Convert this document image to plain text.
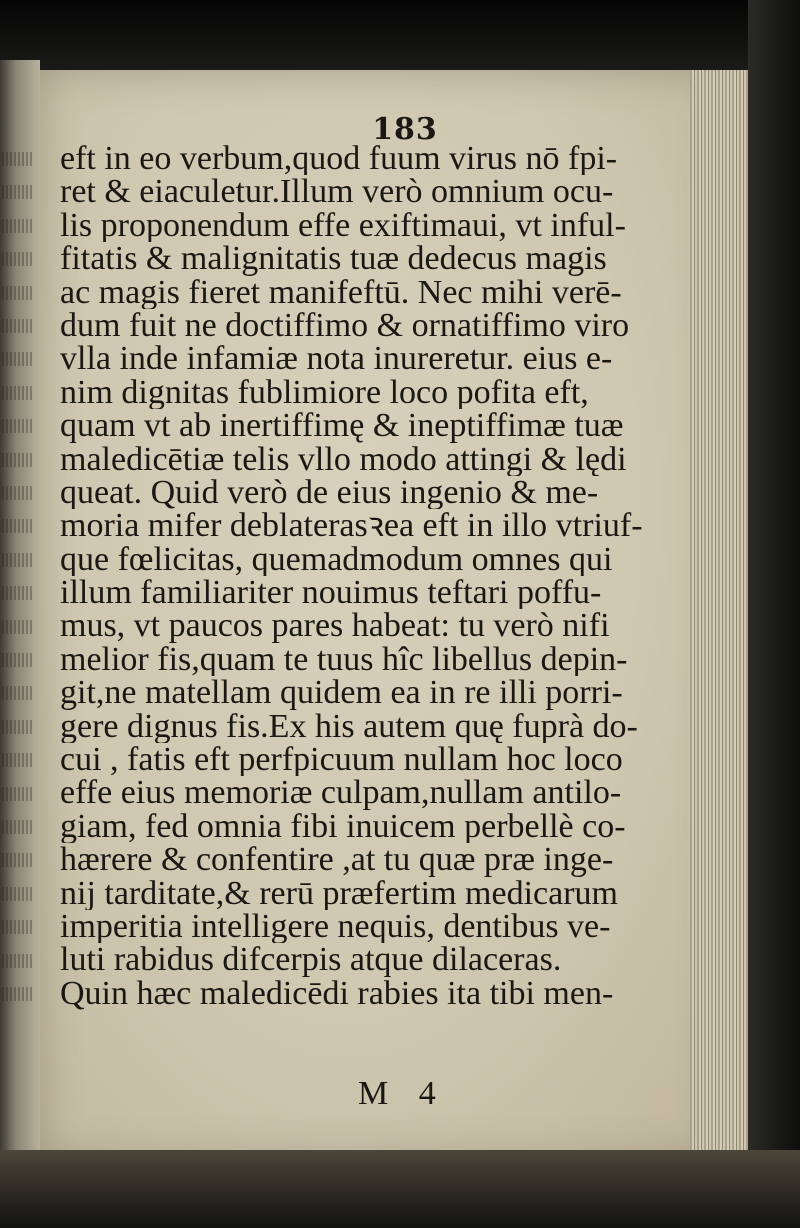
183
eft in eo verbum,quod fuum virus nō fpi-
ret & eiaculetur.Illum verò omnium ocu-
lis proponendum effe exiftimaui, vt inful-
fitatis & malignitatis tuæ dedecus magis
ac magis fieret manifeftū. Nec mihi verē-
dum fuit ne doctiffimo & ornatiffimo viro
vlla inde infamiæ nota inureretur. eius e-
nim dignitas fublimiore loco pofita eft,
quam vt ab inertiffimę & ineptiffimæ tuæ
maledicētiæ telis vllo modo attingi & lędi
queat. Quid verò de eius ingenio & me-
moria mifer deblaterasꝛea eft in illo vtriuf-
que fœlicitas, quemadmodum omnes qui
illum familiariter nouimus teftari poffu-
mus, vt paucos pares habeat: tu verò nifi
melior fis,quam te tuus hîc libellus depin-
git,ne matellam quidem ea in re illi porri-
gere dignus fis.Ex his autem quę fuprà do-
cui , fatis eft perfpicuum nullam hoc loco
effe eius memoriæ culpam,nullam antilo-
giam, fed omnia fibi inuicem perbellè co-
hærere & confentire ,at tu quæ præ inge-
nij tarditate,& rerū præfertim medicarum
imperitia intelligere nequis, dentibus ve-
luti rabidus difcerpis atque dilaceras.
Quin hæc maledicēdi rabies ita tibi men-
M 4
